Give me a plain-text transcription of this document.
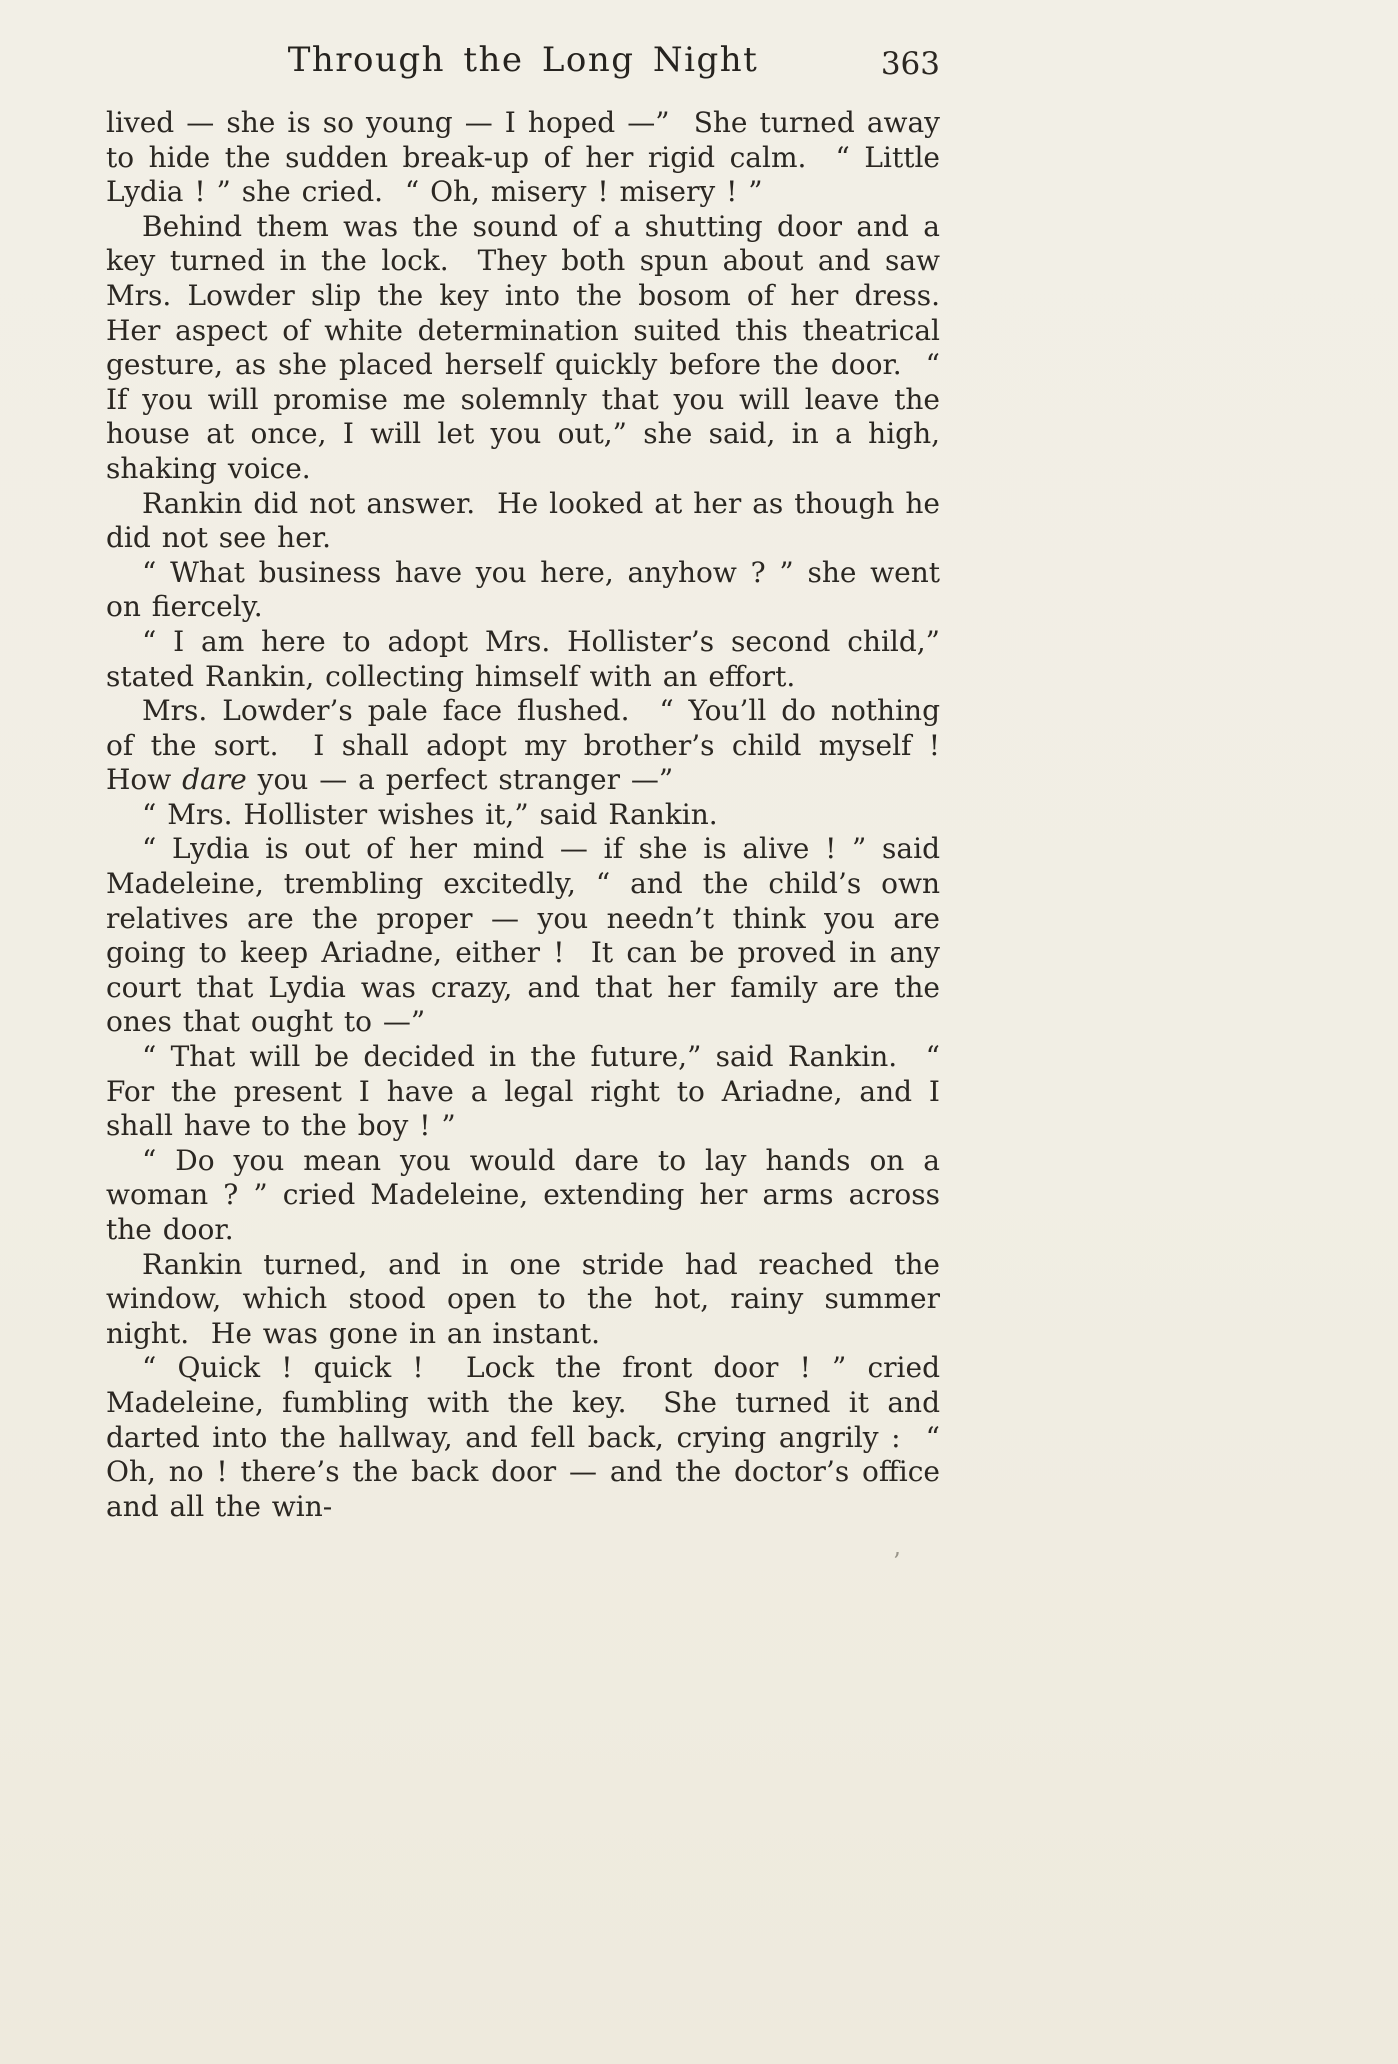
Through the Long Night	363

lived — she is so young — I hoped —”  She turned away to hide the sudden break-up of her rigid calm.  “ Little Lydia ! ” she cried.  “ Oh, misery ! misery ! ”

Behind them was the sound of a shutting door and a key turned in the lock.  They both spun about and saw Mrs. Lowder slip the key into the bosom of her dress.  Her aspect of white determination suited this theatrical gesture, as she placed herself quickly before the door.  “ If you will promise me solemnly that you will leave the house at once, I will let you out,” she said, in a high, shaking voice.

Rankin did not answer.  He looked at her as though he did not see her.

“ What business have you here, anyhow ? ” she went on fiercely.

“ I am here to adopt Mrs. Hollister’s second child,” stated Rankin, collecting himself with an effort.

Mrs. Lowder’s pale face flushed.  “ You’ll do nothing of the sort.  I shall adopt my brother’s child myself !  How dare you — a perfect stranger —”

“ Mrs. Hollister wishes it,” said Rankin.

“ Lydia is out of her mind — if she is alive ! ” said Madeleine, trembling excitedly, “ and the child’s own relatives are the proper — you needn’t think you are going to keep Ariadne, either !  It can be proved in any court that Lydia was crazy, and that her family are the ones that ought to —”

“ That will be decided in the future,” said Rankin.  “ For the present I have a legal right to Ariadne, and I shall have to the boy ! ”

“ Do you mean you would dare to lay hands on a woman ? ” cried Madeleine, extending her arms across the door.

Rankin turned, and in one stride had reached the window, which stood open to the hot, rainy summer night.  He was gone in an instant.

“ Quick ! quick !  Lock the front door ! ” cried Madeleine, fumbling with the key.  She turned it and darted into the hallway, and fell back, crying angrily :  “ Oh, no ! there’s the back door — and the doctor’s office and all the win-

’
